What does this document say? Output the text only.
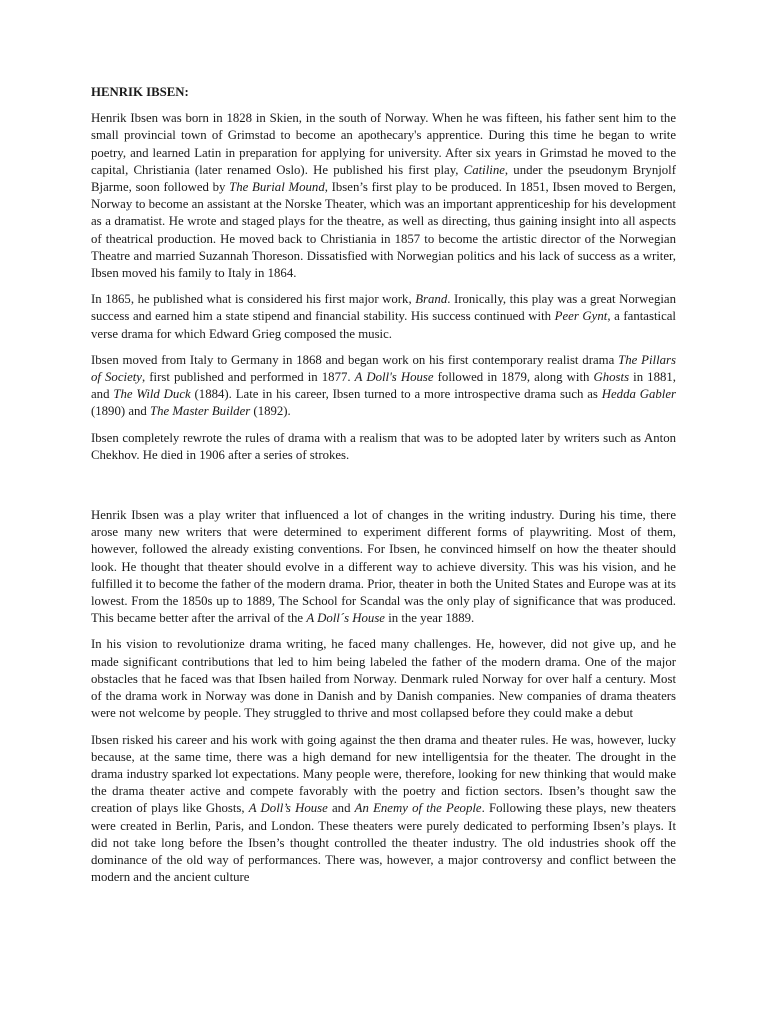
HENRIK IBSEN:

Henrik Ibsen was born in 1828 in Skien, in the south of Norway. When he was fifteen, his father sent him to the small provincial town of Grimstad to become an apothecary's apprentice. During this time he began to write poetry, and learned Latin in preparation for applying for university. After six years in Grimstad he moved to the capital, Christiania (later renamed Oslo). He published his first play, Catiline, under the pseudonym Brynjolf Bjarme, soon followed by The Burial Mound, Ibsen’s first play to be produced. In 1851, Ibsen moved to Bergen, Norway to become an assistant at the Norske Theater, which was an important apprenticeship for his development as a dramatist. He wrote and staged plays for the theatre, as well as directing, thus gaining insight into all aspects of theatrical production. He moved back to Christiania in 1857 to become the artistic director of the Norwegian Theatre and married Suzannah Thoreson. Dissatisfied with Norwegian politics and his lack of success as a writer, Ibsen moved his family to Italy in 1864.

In 1865, he published what is considered his first major work, Brand. Ironically, this play was a great Norwegian success and earned him a state stipend and financial stability. His success continued with Peer Gynt, a fantastical verse drama for which Edward Grieg composed the music.

Ibsen moved from Italy to Germany in 1868 and began work on his first contemporary realist drama The Pillars of Society, first published and performed in 1877. A Doll's House followed in 1879, along with Ghosts in 1881, and The Wild Duck (1884). Late in his career, Ibsen turned to a more introspective drama such as Hedda Gabler (1890) and The Master Builder (1892).

Ibsen completely rewrote the rules of drama with a realism that was to be adopted later by writers such as Anton Chekhov. He died in 1906 after a series of strokes.

Henrik Ibsen was a play writer that influenced a lot of changes in the writing industry. During his time, there arose many new writers that were determined to experiment different forms of playwriting. Most of them, however, followed the already existing conventions. For Ibsen, he convinced himself on how the theater should look. He thought that theater should evolve in a different way to achieve diversity. This was his vision, and he fulfilled it to become the father of the modern drama. Prior, theater in both the United States and Europe was at its lowest. From the 1850s up to 1889, The School for Scandal was the only play of significance that was produced. This became better after the arrival of the A Doll´s House in the year 1889.

In his vision to revolutionize drama writing, he faced many challenges. He, however, did not give up, and he made significant contributions that led to him being labeled the father of the modern drama. One of the major obstacles that he faced was that Ibsen hailed from Norway. Denmark ruled Norway for over half a century. Most of the drama work in Norway was done in Danish and by Danish companies. New companies of drama theaters were not welcome by people. They struggled to thrive and most collapsed before they could make a debut

Ibsen risked his career and his work with going against the then drama and theater rules. He was, however, lucky because, at the same time, there was a high demand for new intelligentsia for the theater. The drought in the drama industry sparked lot expectations. Many people were, therefore, looking for new thinking that would make the drama theater active and compete favorably with the poetry and fiction sectors. Ibsen’s thought saw the creation of plays like Ghosts, A Doll’s House and An Enemy of the People. Following these plays, new theaters were created in Berlin, Paris, and London. These theaters were purely dedicated to performing Ibsen’s plays. It did not take long before the Ibsen’s thought controlled the theater industry. The old industries shook off the dominance of the old way of performances. There was, however, a major controversy and conflict between the modern and the ancient culture
